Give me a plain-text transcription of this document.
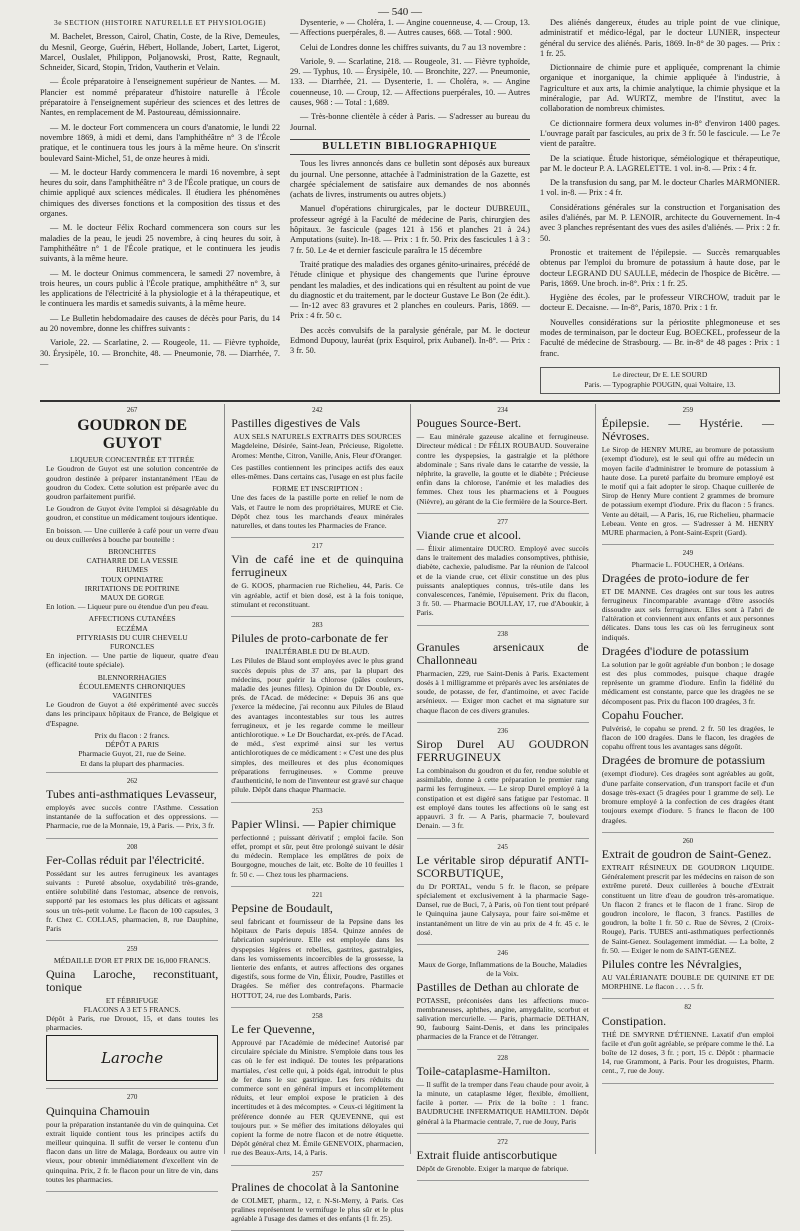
— 540 —

3e SECTION (HISTOIRE NATURELLE ET PHYSIOLOGIE)

M. Bachelet, Bresson, Cairol, Chatin, Coste, de la Rive, Demeules, du Mesnil, George, Guérin, Hébert, Hollande, Jobert, Lartet, Ligerot, Marcel, Ouslalet, Philippon, Poljanowski, Prost, Ratte, Regnault, Schneider, Sicard, Stopin, Tridon, Vautherin et Velain.

— École préparatoire à l'enseignement supérieur de Nantes. — M. Plancier est nommé préparateur d'histoire naturelle à l'École préparatoire à l'enseignement supérieur des sciences et des lettres de Nantes, en remplacement de M. Pastoureau, démissionnaire.

— M. le docteur Fort commencera un cours d'anatomie, le lundi 22 novembre 1869, à midi et demi, dans l'amphithéâtre n° 3 de l'École pratique, et le continuera tous les jours à la même heure. On s'inscrit boulevard Saint-Michel, 51, de onze heures à midi.

— M. le docteur Hardy commencera le mardi 16 novembre, à sept heures du soir, dans l'amphithéâtre n° 3 de l'École pratique, un cours de chimie appliqué aux sciences médicales. Il étudiera les phénomènes chimiques des diverses fonctions et la composition des tissus et des organes.

— M. le docteur Félix Rochard commencera son cours sur les maladies de la peau, le jeudi 25 novembre, à cinq heures du soir, à l'amphithéâtre n° 1 de l'École pratique, et le continuera les jeudis suivants, à la même heure.

— M. le docteur Onimus commencera, le samedi 27 novembre, à trois heures, un cours public à l'École pratique, amphithéâtre n° 3, sur les applications de l'électricité à la physiologie et à la thérapeutique, et le continuera les mardis et samedis suivants, à la même heure.

— Le Bulletin hebdomadaire des causes de décès pour Paris, du 14 au 20 novembre, donne les chiffres suivants :

Variole, 22. — Scarlatine, 2. — Rougeole, 11. — Fièvre typhoïde, 30. Érysipèle, 10. — Bronchite, 48. — Pneumonie, 78. — Diarrhée, 7. —

Dysenterie, » — Choléra, 1. — Angine couenneuse, 4. — Croup, 13. — Affections puerpérales, 8. — Autres causes, 668. — Total : 900.

Celui de Londres donne les chiffres suivants, du 7 au 13 novembre :

Variole, 9. — Scarlatine, 218. — Rougeole, 31. — Fièvre typhoïde, 29. — Typhus, 10. — Érysipèle, 10. — Bronchite, 227. — Pneumonie, 133. — Diarrhée, 21. — Dysenterie, 1. — Choléra, ». — Angine couenneuse, 10. — Croup, 12. — Affections puerpérales, 10. — Autres causes, 968 : — Total : 1,689.

— Très-bonne clientèle à céder à Paris. — S'adresser au bureau du Journal.

BULLETIN BIBLIOGRAPHIQUE

Tous les livres annoncés dans ce bulletin sont déposés aux bureaux du journal. Une personne, attachée à l'administration de la Gazette, est chargée spécialement de satisfaire aux demandes de nos abonnés (achats de livres, instruments ou autres objets.)

Manuel d'opérations chirurgicales, par le docteur DUBREUIL, professeur agrégé à la Faculté de médecine de Paris, chirurgien des hôpitaux. 3e fascicule (pages 121 à 156 et planches 21 à 24.) Amputations (suite). In-18. — Prix : 1 fr. 50. Prix des fascicules 1 à 3 : 7 fr. 50. Le 4e et dernier fascicule paraîtra le 15 décembre

Traité pratique des maladies des organes génito-urinaires, précédé de l'étude clinique et physique des changements que l'urine éprouve pendant les maladies, et des indications qui en résultent au point de vue du diagnostic et du traitement, par le docteur Gustave Le Bon (2e édit.). — In-12 avec 83 gravures et 2 planches en couleurs. Paris, 1869. — Prix : 4 fr. 50 c.

Des accès convulsifs de la paralysie générale, par M. le docteur Edmond Dupouy, lauréat (prix Esquirol, prix Aubanel). In-8°. — Prix : 3 fr. 50.

Des aliénés dangereux, études au triple point de vue clinique, administratif et médico-légal, par le docteur LUNIER, inspecteur général du service des aliénés. Paris, 1869. In-8° de 30 pages. — Prix : 1 fr. 25.

Dictionnaire de chimie pure et appliquée, comprenant la chimie organique et inorganique, la chimie appliquée à l'industrie, à l'agriculture et aux arts, la chimie analytique, la chimie physique et la minéralogie, par Ad. WURTZ, membre de l'Institut, avec la collaboration de nombreux chimistes.

Ce dictionnaire formera deux volumes in-8° d'environ 1400 pages. L'ouvrage paraît par fascicules, au prix de 3 fr. 50 le fascicule. — Le 7e vient de paraître.

De la sciatique. Étude historique, séméiologique et thérapeutique, par M. le docteur P. A. LAGRELETTE. 1 vol. in-8. — Prix : 4 fr.

De la transfusion du sang, par M. le docteur Charles MARMONIER. 1 vol. in-8. — Prix : 4 fr.

Considérations générales sur la construction et l'organisation des asiles d'aliénés, par M. P. LENOIR, architecte du Gouvernement. In-4 avec 3 planches représentant des vues des asiles d'aliénés. — Prix : 2 fr. 50.

Pronostic et traitement de l'épilepsie. — Succès remarquables obtenus par l'emploi du bromure de potassium à haute dose, par le docteur LEGRAND DU SAULLE, médecin de l'hospice de Bicêtre. — Paris, 1869. Une broch. in-8°. Prix : 1 fr. 25.

Hygiène des écoles, par le professeur VIRCHOW, traduit par le docteur E. Decaisne. — In-8°, Paris, 1870. Prix : 1 fr.

Nouvelles considérations sur la périostite phlegmoneuse et ses modes de terminaison, par le docteur Eug. BOECKEL, professeur de la Faculté de médecine de Strasbourg. — Br. in-8° de 48 pages : Prix : 1 franc.

Le directeur, Dr E. LE SOURD
Paris. — Typographie POUGIN, quai Voltaire, 13.
267
GOUDRON DE GUYOT
LIQUEUR CONCENTRÉE ET TITRÉE

Le Goudron de Guyot est une solution concentrée de goudron destinée à préparer instantanément l'Eau de goudron du Codex. Cette solution est préparée avec du goudron parfaitement purifié.

Le Goudron de Guyot évite l'emploi si désagréable du goudron, et constitue un médicament toujours identique.

En boisson. — Une cuillerée à café pour un verre d'eau ou deux cuillerées à bouche par bouteille :

BRONCHITES
CATHARRE DE LA VESSIE
RHUMES
TOUX OPINIATRE
IRRITATIONS DE POITRINE
MAUX DE GORGE

En lotion. — Liqueur pure ou étendue d'un peu d'eau.

AFFECTIONS CUTANÉES
ECZÉMA
PITYRIASIS DU CUIR CHEVELU
FURONCLES

En injection. — Une partie de liqueur, quatre d'eau (efficacité toute spéciale).

BLENNORRHAGIES
ÉCOULEMENTS CHRONIQUES
VAGINITES

Le Goudron de Guyot a été expérimenté avec succès dans les principaux hôpitaux de France, de Belgique et d'Espagne.

Prix du flacon : 2 francs.
DÉPÔT A PARIS
Pharmacie Guyot, 21, rue de Seine.
Et dans la plupart des pharmacies.
262
Tubes anti-asthmatiques Levasseur,

employés avec succès contre l'Asthme. Cessation instantanée de la suffocation et des oppressions. — Pharmacie, rue de la Monnaie, 19, à Paris. — Prix, 3 fr.

208
Fer-Collas réduit par l'électricité.

Possédant sur les autres ferrugineux les avantages suivants : Pureté absolue, oxydabilité très-grande, entière solubilité dans l'estomac, absence de renvois, supporté par les estomacs les plus délicats et agissant sous un très-petit volume. Le flacon de 100 capsules, 3 fr. Chez C. COLLAS, pharmacien, 8, rue Dauphine, Paris

259
MÉDAILLE D'OR ET PRIX DE 16,000 FRANCS.
Quina Laroche, reconstituant, tonique
ET FÉBRIFUGE
FLACONS A 3 ET 5 FRANCS.

Dépôt à Paris, rue Drouot, 15, et dans toutes les pharmacies.

Laroche
270
Quinquina Chamouin

pour la préparation instantanée du vin de quinquina. Cet extrait liquide contient tous les principes actifs du meilleur quinquina. Il suffit de verser le contenu d'un flacon dans un litre de Malaga, Bordeaux ou autre vin vieux, pour obtenir immédiatement d'excellent vin de quinquina. Prix, 2 fr. le flacon pour un litre de vin, dans toutes les pharmacies.

242
Pastilles digestives de Vals
AUX SELS NATURELS EXTRAITS DES SOURCES

Magdeleine, Désirée, Saint-Jean, Précieuse, Rigolette. Aromes: Menthe, Citron, Vanille, Anis, Fleur d'Oranger.

Ces pastilles contiennent les principes actifs des eaux elles-mêmes. Dans certains cas, l'usage en est plus facile

FORME ET INSCRIPTION :

Une des faces de la pastille porte en relief le nom de Vals, et l'autre le nom des propriétaires, MURE et Cie. Dépôt chez tous les marchands d'eaux minérales naturelles, et dans toutes les Pharmacies de France.

217
Vin de café ine et de quinquina ferrugineux

de G. KOOS, pharmacien rue Richelieu, 44, Paris. Ce vin agréable, actif et bien dosé, est à la fois tonique, stimulant et reconstituant.

283
Pilules de proto-carbonate de fer
INALTÉRABLE DU Dr BLAUD.

Les Pilules de Blaud sont employées avec le plus grand succès depuis plus de 37 ans, par la plupart des médecins, pour guérir la chlorose (pâles couleurs, maladie des jeunes filles). Opinion du Dr Double, ex-prés. de l'Acad. de médecine: « Depuis 36 ans que j'exerce la médecine, j'ai reconnu aux Pilules de Blaud des avantages incontestables sur tous les autres ferrugineux, et je les regarde comme le meilleur antichlorotique. » Le Dr Bouchardat, ex-prés. de l'Acad. de méd., s'est exprimé ainsi sur les vertus antichlorotiques de ce médicament : « C'est une des plus simples, des meilleures et des plus économiques préparations ferrugineuses. » Comme preuve d'authenticité, le nom de l'inventeur est gravé sur chaque pilule. Dépôt dans chaque Pharmacie.

253
Papier Wlinsi. — Papier chimique

perfectionné ; puissant dérivatif ; emploi facile. Son effet, prompt et sûr, peut être prolongé suivant le désir du médecin. Remplace les emplâtres de poix de Bourgogne, mouches de lait, etc. Boîte de 10 feuilles 1 fr. 50 c. — Chez tous les pharmaciens.

221
Pepsine de Boudault,

seul fabricant et fournisseur de la Pepsine dans les hôpitaux de Paris depuis 1854. Quinze années de fabrication supérieure. Elle est employée dans les dyspepsies légères et rebelles, gastrites, gastralgies, dans les vomissements incoercibles de la grossesse, la lienterie des enfants, et autres affections des organes digestifs, sous forme de Vin, Élixir, Poudre, Pastilles et Dragées. Se méfier des contrefaçons. Pharmacie HOTTOT, 24, rue des Lombards, Paris.

258
Le fer Quevenne,

Approuvé par l'Académie de médecine! Autorisé par circulaire spéciale du Ministre. S'emploie dans tous les cas où le fer est indiqué. De toutes les préparations martiales, c'est celle qui, à poids égal, introduit le plus de fer dans le suc gastrique. Les fers réduits du commerce sont en général impurs et incomplètement réduits, et leur emploi expose le praticien à des incertitudes et à des mécomptes. « Ceux-ci légitiment la préférence donnée au FER QUEVENNE, qui est toujours pur. » Se méfier des imitations déloyales qui copient la forme de notre flacon et de notre étiquette. Dépôt général chez M. Émile GENEVOIX, pharmacien, rue des Beaux-Arts, 14, à Paris.

257
Pralines de chocolat à la Santonine

de COLMET, pharm., 12, r. N-St-Merry, à Paris. Ces pralines représentent le vermifuge le plus sûr et le plus agréable à l'usage des dames et des enfants (1 fr. 25).

234
Pougues Source-Bert.

— Eau minérale gazeuse alcaline et ferrugineuse. Directeur médical : Dr FÉLIX ROUBAUD. Souveraine contre les dyspepsies, la gastralgie et la pléthore abdominale ; Sans rivale dans le catarrhe de vessie, la néphrite, la gravelle, la goutte et le diabète ; Précieuse enfin dans la chlorose, l'anémie et les maladies des femmes. Chez tous les pharmaciens et à Pougues (Nièvre), au gérant de la Cie fermière de la Source-Bert.

277
Viande crue et alcool.

— Élixir alimentaire DUCRO. Employé avec succès dans le traitement des maladies consomptives, phthisie, diabète, cachexie, paludisme. Par la réunion de l'alcool et de la viande crue, cet élixir constitue un des plus puissants analeptiques connus, très-utile dans les convalescences, l'anémie, l'épuisement. Prix du flacon, 3 fr. 50. — Pharmacie BOULLAY, 17, rue d'Aboukir, à Paris.

238
Granules arsenicaux de Challonneau

Pharmacien, 229, rue Saint-Denis à Paris. Exactement dosés à 1 milligramme et préparés avec les arséniates de soude, de potasse, de fer, d'antimoine, et avec l'acide arsénieux. — Exiger mon cachet et ma signature sur chaque flacon de ces divers granules.

236
Sirop Durel AU GOUDRON FERRUGINEUX

La combinaison du goudron et du fer, rendue soluble et assimilable, donne à cette préparation le premier rang parmi les ferrugineux. — Le sirop Durel employé à la constipation et est digéré sans fatigue par l'estomac. Il est employé dans toutes les affections où le sang est appauvri. 3 fr. — A Paris, pharmacie 7, boulevard Denain. — 3 fr.

245
Le véritable sirop dépuratif ANTI-SCORBUTIQUE,

du Dr PORTAL, vendu 5 fr. le flacon, se prépare spécialement et exclusivement à la pharmacie Sage-Dansel, rue de Buci, 7, à Paris, où l'on tient tout préparé le Quinquina jaune Calysaya, pour faire soi-même et instantanément un litre de vin au prix de 4 fr. 45 c. le dosé.

246
Maux de Gorge, Inflammations de la Bouche, Maladies de la Voix.
Pastilles de Dethan au chlorate de

POTASSE, préconisées dans les affections muco-membraneuses, aphthes, angine, amygdalite, scorbut et salivation mercurielle. — Paris, pharmacie DETHAN, 90, faubourg Saint-Denis, et dans les principales pharmacies de la France et de l'étranger.

228
Toile-cataplasme-Hamilton.

— Il suffit de la tremper dans l'eau chaude pour avoir, à la minute, un cataplasme léger, flexible, émollient, facile à porter. — Prix de la boîte : 1 franc. BAUDRUCHE INFERMATIQUE HAMILTON. Dépôt général à la Pharmacie centrale, 7, rue de Jouy, Paris

272
Extrait fluide antiscorbutique

Dépôt de Grenoble. Exiger la marque de fabrique.

259
Épilepsie. — Hystérie. — Névroses.

Le Sirop de HENRY MURE, au bromure de potassium (exempt d'iodure), est le seul qui offre au médecin un moyen facile d'administrer le bromure de potassium à haute dose. La pureté parfaite du bromure employé est le motif qui a fait adopter le sirop. Chaque cuillerée de Sirop de Henry Mure contient 2 grammes de bromure de potassium exempt d'iodure. Prix du flacon : 5 francs. Vente au détail, — A Paris, 16, rue Richelieu, pharmacie Lebeau. Vente en gros. — S'adresser à M. HENRY MURE pharmacien, à Pont-Saint-Esprit (Gard).

249
Pharmacie L. FOUCHER, à Orléans.
Dragées de proto-iodure de fer

ET DE MANNE. Ces dragées ont sur tous les autres ferrugineux l'incomparable avantage d'être associés dissoudre aux sels ferrugineux. Elles sont à l'abri de l'altération et conviennent aux enfants et aux personnes délicates. Dans tous les cas où les ferrugineux sont indiqués.

Dragées d'iodure de potassium

La solution par le goût agréable d'un bonbon ; le dosage est des plus commodes, puisque chaque dragée représente un gramme d'iodure. Enfin la fidélité du médicament est constante, parce que les dragées ne se décomposent pas. Prix du flacon 100 dragées, 3 fr.

Copahu Foucher.

Pulvérisé, le copahu se prend. 2 fr. 50 les dragées, le flacon de 100 dragées. Dans le flacon, les dragées de copahu offrent tous les avantages sans dégoût.

Dragées de bromure de potassium

(exempt d'iodure). Ces dragées sont agréables au goût, d'une parfaite conservation, d'un transport facile et d'un dosage très-exact (5 dragées pour 1 gramme de sel). Le bromure employé à la confection de ces dragées étant toujours exempt d'iodure. 5 francs le flacon de 100 dragées.

260
Extrait de goudron de Saint-Genez.

EXTRAIT RÉSINEUX DE GOUDRON LIQUIDE. Généralement prescrit par les médecins en raison de son extrême pureté. Deux cuillerées à bouche d'Extrait constituent un litre d'eau de goudron très-aromatique. Un flacon 2 francs et le flacon de 1 franc. Sirop de goudron incolore, le flacon, 3 francs. Pastilles de goudron, la boîte 1 fr. 50 c. Rue de Sèvres, 2 (Croix-Rouge), Paris. TUBES anti-asthmatiques perfectionnés de Saint-Genez. Soulagement immédiat. — La boîte, 2 fr. 50. — Exiger le nom de SAINT-GENEZ.

Pilules contre les Névralgies,

AU VALÉRIANATE DOUBLE DE QUININE ET DE MORPHINE. Le flacon . . . . 5 fr.

82
Constipation.

THÉ DE SMYRNE D'ÉTIENNE. Laxatif d'un emploi facile et d'un goût agréable, se prépare comme le thé. La boîte de 12 doses, 3 fr. ; port, 15 c. Dépôt : pharmacie 14, rue Grammont, à Paris. Pour les droguistes, Pharm. cent., 7, rue de Jouy.
